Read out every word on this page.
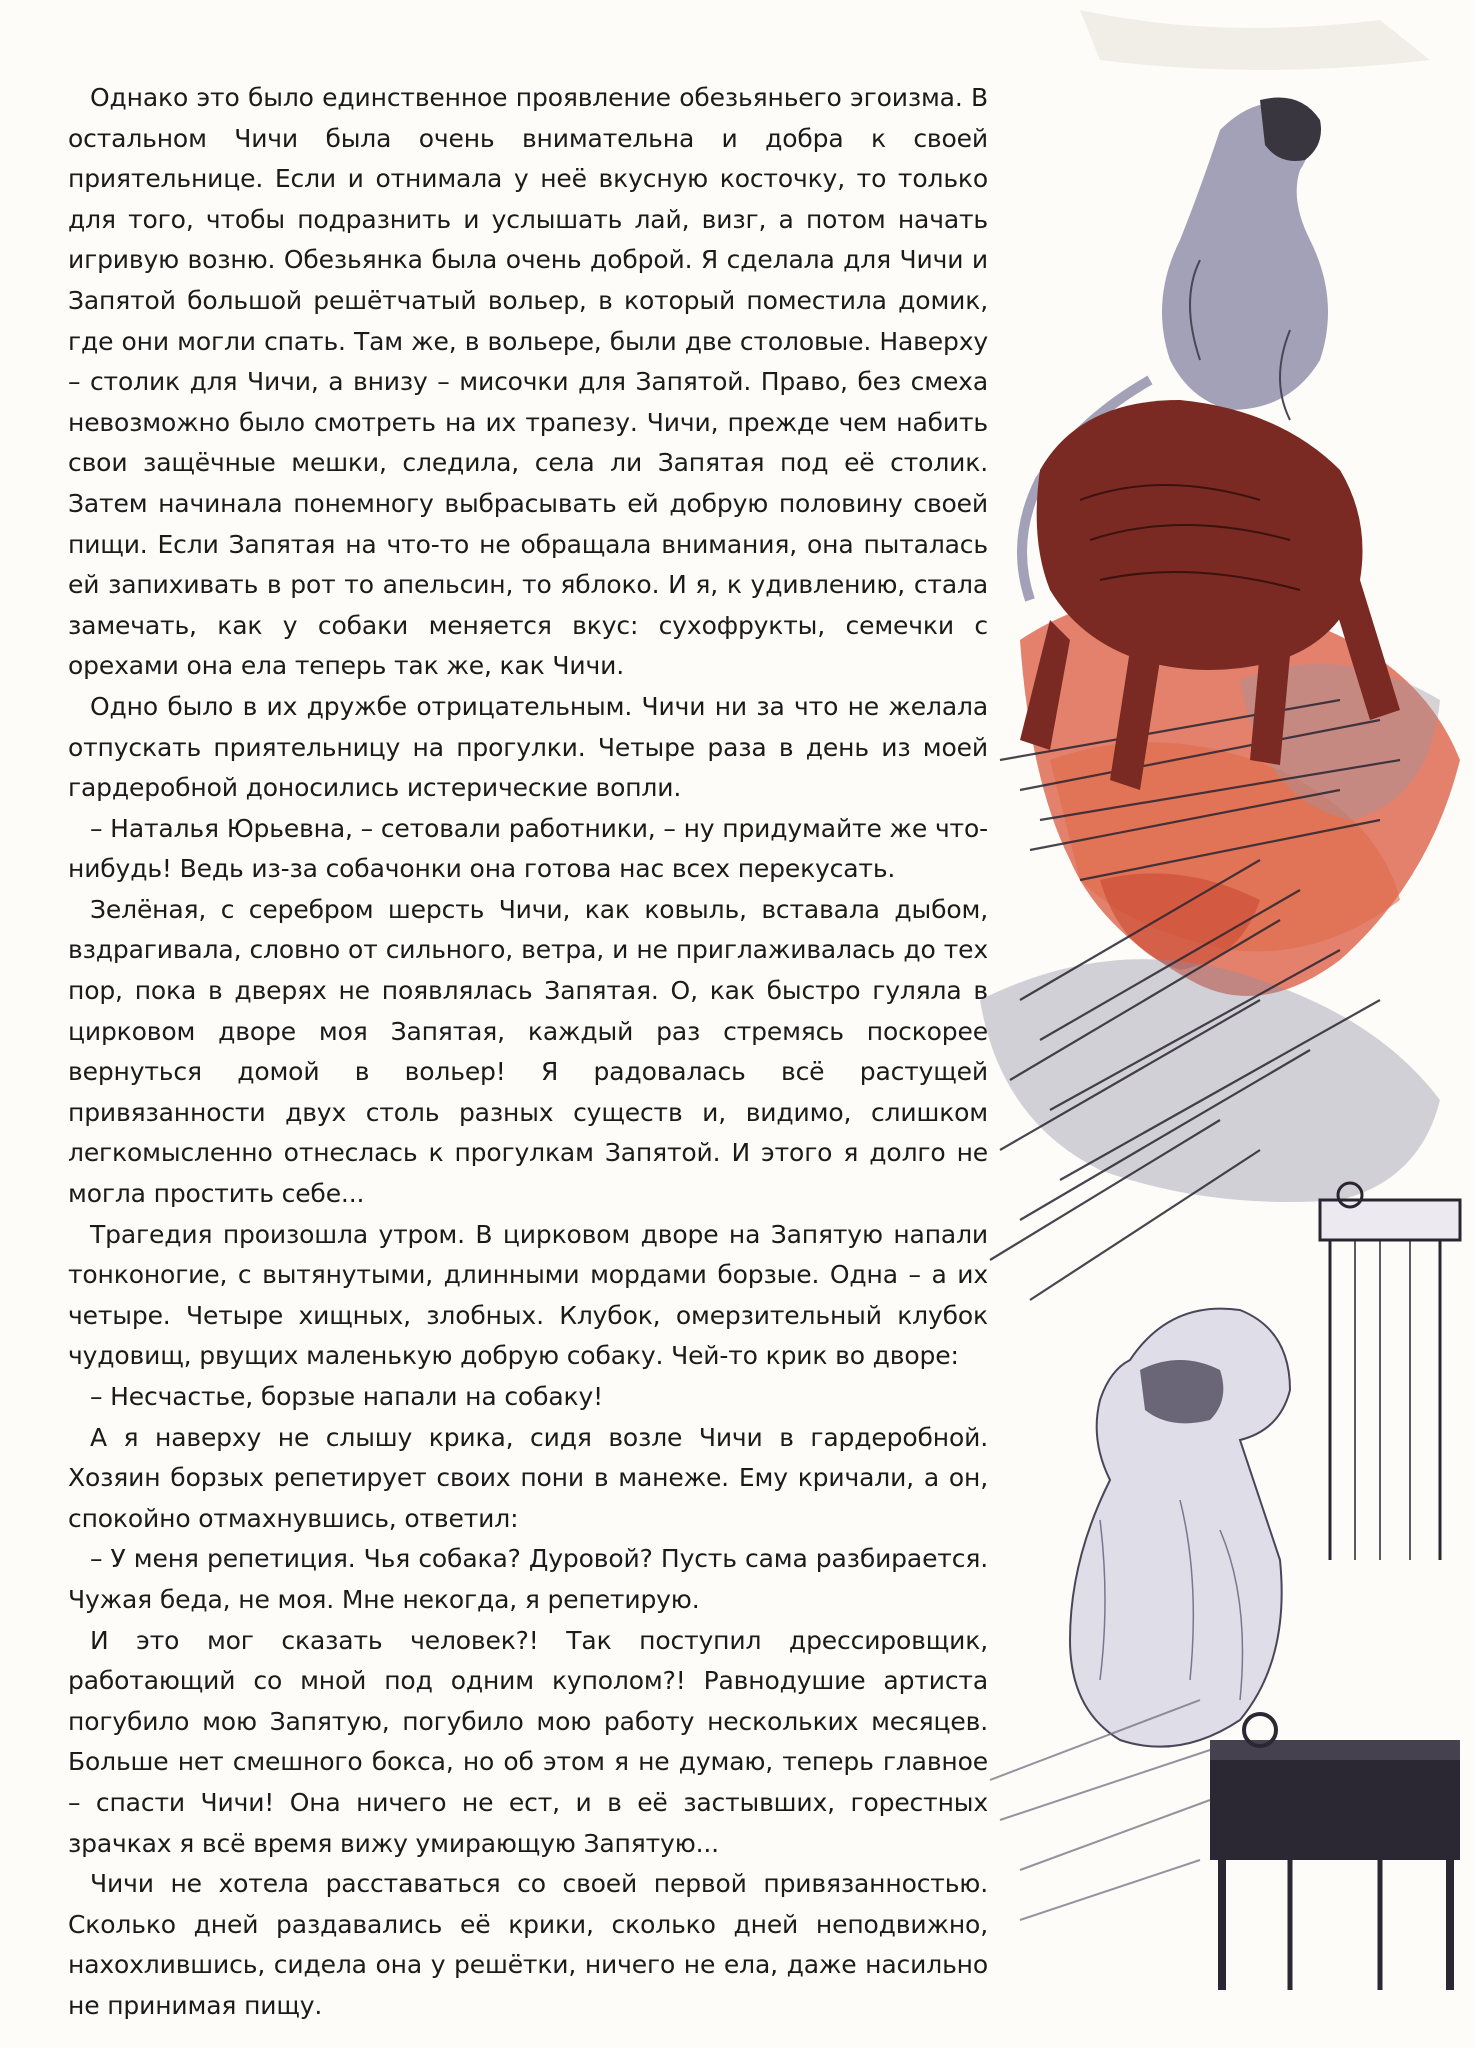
Однако это было единственное проявление обезьяньего эгоизма. В остальном Чичи была очень внимательна и добра к своей приятельнице. Если и отнимала у неё вкусную косточку, то только для того, чтобы подразнить и услышать лай, визг, а потом начать игривую возню. Обезьянка была очень доброй. Я сделала для Чичи и Запятой большой решётчатый вольер, в который поместила домик, где они могли спать. Там же, в вольере, были две столовые. Наверху – столик для Чичи, а внизу – мисочки для Запятой. Право, без смеха невозможно было смотреть на их трапезу. Чичи, прежде чем набить свои защёчные мешки, следила, села ли Запятая под её столик. Затем начинала понемногу выбрасывать ей добрую половину своей пищи. Если Запятая на что-то не обращала внимания, она пыталась ей запихивать в рот то апельсин, то яблоко. И я, к удивлению, стала замечать, как у собаки меняется вкус: сухофрукты, семечки с орехами она ела теперь так же, как Чичи.

Одно было в их дружбе отрицательным. Чичи ни за что не желала отпускать приятельницу на прогулки. Четыре раза в день из моей гардеробной доносились истерические вопли.

– Наталья Юрьевна, – сетовали работники, – ну придумайте же что-нибудь! Ведь из-за собачонки она готова нас всех перекусать.

Зелёная, с серебром шерсть Чичи, как ковыль, вставала дыбом, вздрагивала, словно от сильного, ветра, и не приглаживалась до тех пор, пока в дверях не появлялась Запятая. О, как быстро гуляла в цирковом дворе моя Запятая, каждый раз стремясь поскорее вернуться домой в вольер! Я радовалась всё растущей привязанности двух столь разных существ и, видимо, слишком легкомысленно отнеслась к прогулкам Запятой. И этого я долго не могла простить себе...

Трагедия произошла утром. В цирковом дворе на Запятую напали тонконогие, с вытянутыми, длинными мордами борзые. Одна – а их четыре. Четыре хищных, злобных. Клубок, омерзительный клубок чудовищ, рвущих маленькую добрую собаку. Чей-то крик во дворе:

– Несчастье, борзые напали на собаку!

А я наверху не слышу крика, сидя возле Чичи в гардеробной. Хозяин борзых репетирует своих пони в манеже. Ему кричали, а он, спокойно отмахнувшись, ответил:

– У меня репетиция. Чья собака? Дуровой? Пусть сама разбирается. Чужая беда, не моя. Мне некогда, я репетирую.

И это мог сказать человек?! Так поступил дрессировщик, работающий со мной под одним куполом?! Равнодушие артиста погубило мою Запятую, погубило мою работу нескольких месяцев. Больше нет смешного бокса, но об этом я не думаю, теперь главное – спасти Чичи! Она ничего не ест, и в её застывших, горестных зрачках я всё время вижу умирающую Запятую...

Чичи не хотела расставаться со своей первой привязанностью. Сколько дней раздавались её крики, сколько дней неподвижно, нахохлившись, сидела она у решётки, ничего не ела, даже насильно не принимая пищу.
